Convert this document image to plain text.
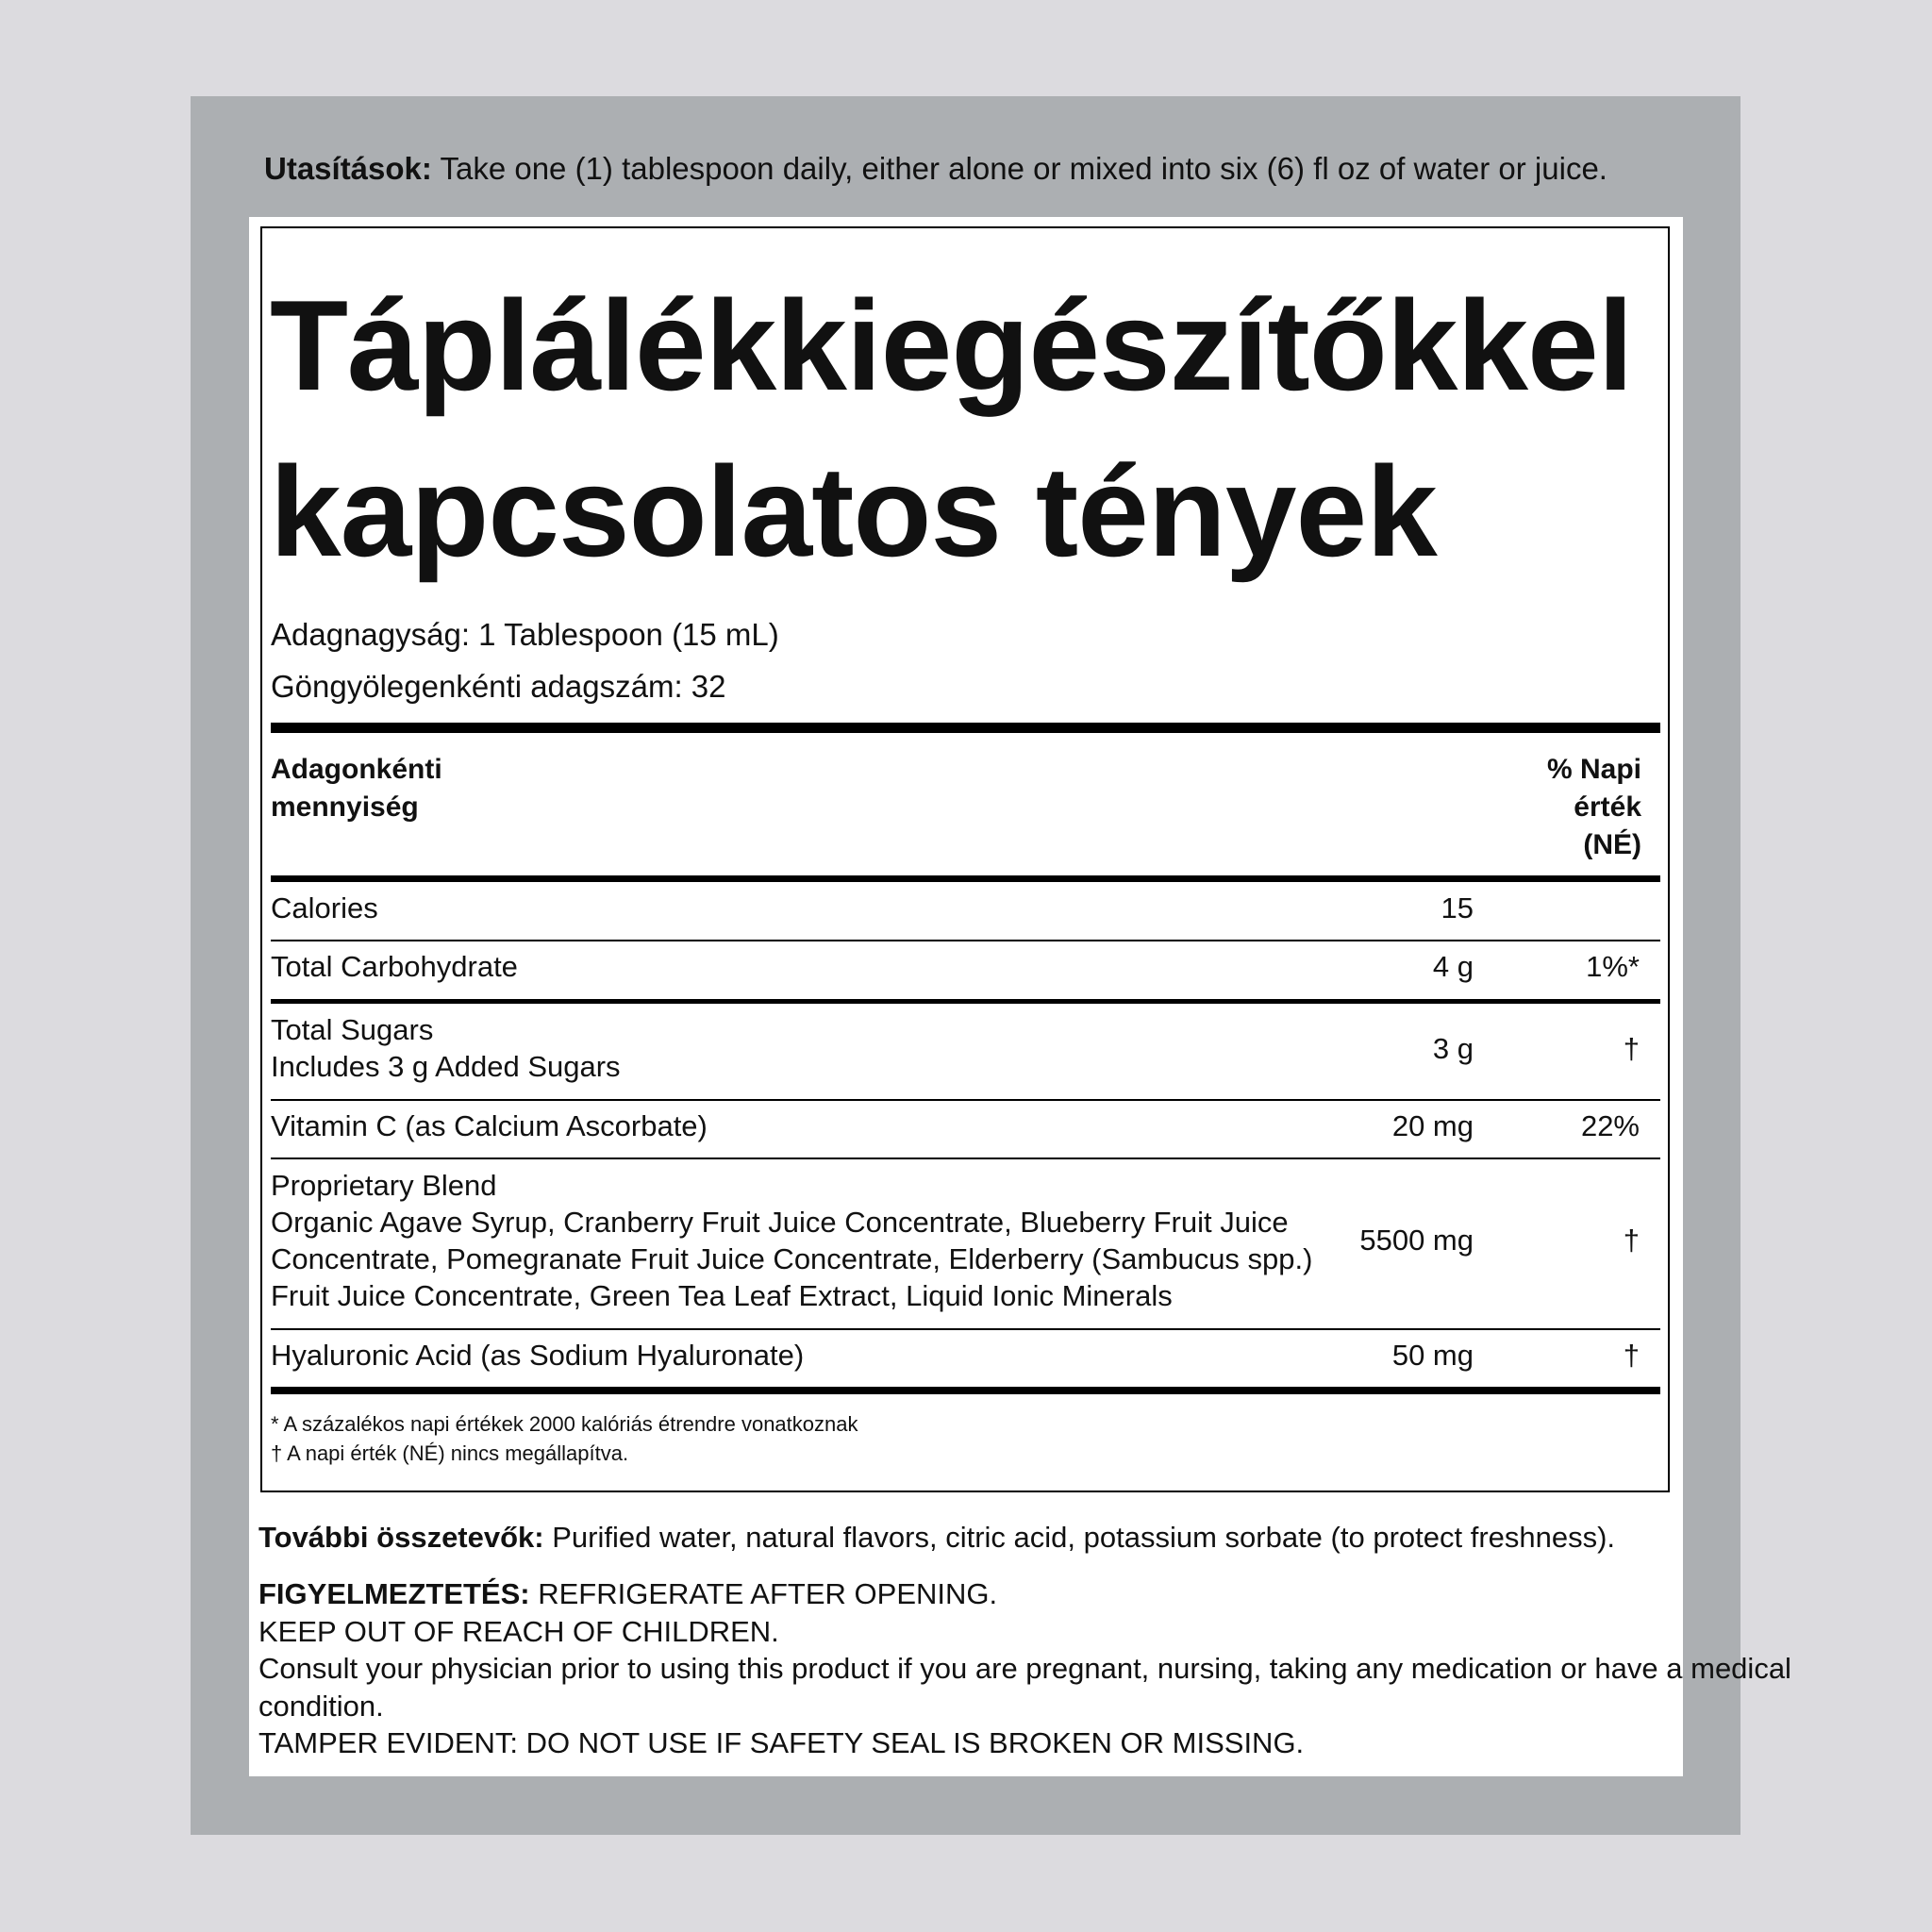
Utasítások: Take one (1) tablespoon daily, either alone or mixed into six (6) fl oz of water or juice.
Táplálékkiegészítőkkel
kapcsolatos tények
Adagnagyság: 1 Tablespoon (15 mL)
Göngyölegenkénti adagszám: 32
Adagonkénti
mennyiség
% Napi
érték
(NÉ)
Calories	15
Total Carbohydrate	4 g	1%*
Total Sugars
Includes 3 g Added Sugars
3 g	†
Vitamin C (as Calcium Ascorbate)	20 mg	22%
Proprietary Blend
Organic Agave Syrup, Cranberry Fruit Juice Concentrate, Blueberry Fruit Juice
Concentrate, Pomegranate Fruit Juice Concentrate, Elderberry (Sambucus spp.)
Fruit Juice Concentrate, Green Tea Leaf Extract, Liquid Ionic Minerals
5500 mg	†
Hyaluronic Acid (as Sodium Hyaluronate)	50 mg	†
* A százalékos napi értékek 2000 kalóriás étrendre vonatkoznak
† A napi érték (NÉ) nincs megállapítva.
További összetevők: Purified water, natural flavors, citric acid, potassium sorbate (to protect freshness).
FIGYELMEZTETÉS: REFRIGERATE AFTER OPENING.
KEEP OUT OF REACH OF CHILDREN.
Consult your physician prior to using this product if you are pregnant, nursing, taking any medication or have a medical
condition.
TAMPER EVIDENT: DO NOT USE IF SAFETY SEAL IS BROKEN OR MISSING.
